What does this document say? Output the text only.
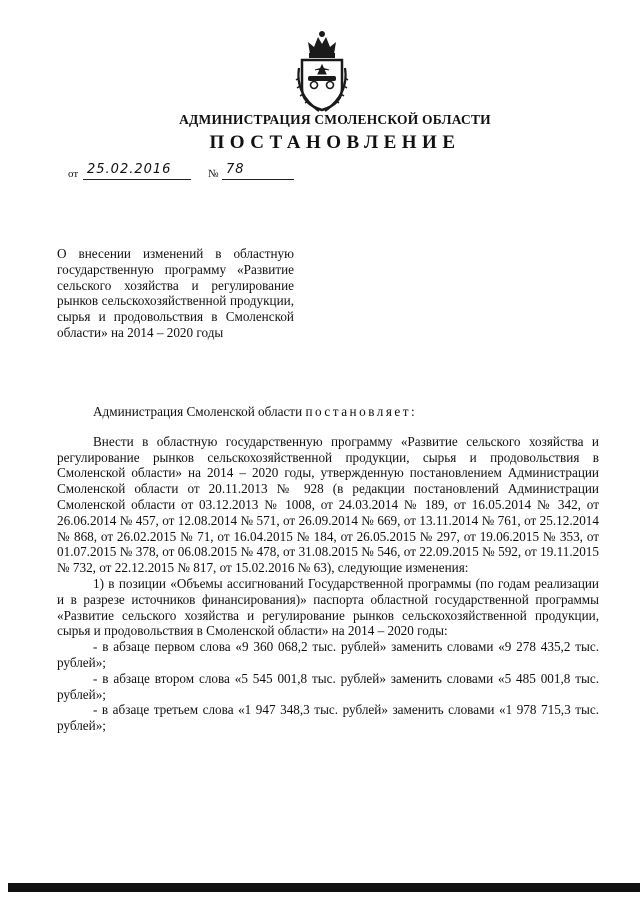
АДМИНИСТРАЦИЯ СМОЛЕНСКОЙ ОБЛАСТИ
ПОСТАНОВЛЕНИЕ
от 25.02.2016	№ 78
О внесении изменений в областную государственную программу «Развитие сельского хозяйства и регулирование рынков сельскохозяйственной продукции, сырья и продовольствия в Смоленской области» на 2014 – 2020 годы

Администрация Смоленской области постановляет:

Внести в областную государственную программу «Развитие сельского хозяйства и регулирование рынков сельскохозяйственной продукции, сырья и продовольствия в Смоленской области» на 2014 – 2020 годы, утвержденную постановлением Администрации Смоленской области от 20.11.2013 № 928 (в редакции постановлений Администрации Смоленской области от 03.12.2013 № 1008, от 24.03.2014 № 189, от 16.05.2014 № 342, от 26.06.2014 № 457, от 12.08.2014 № 571, от 26.09.2014 № 669, от 13.11.2014 № 761, от 25.12.2014 № 868, от 26.02.2015 № 71, от 16.04.2015 № 184, от 26.05.2015 № 297, от 19.06.2015 № 353, от 01.07.2015 № 378, от 06.08.2015 № 478, от 31.08.2015 № 546, от 22.09.2015 № 592, от 19.11.2015 № 732, от 22.12.2015 № 817, от 15.02.2016 № 63), следующие изменения:

1) в позиции «Объемы ассигнований Государственной программы (по годам реализации и в разрезе источников финансирования)» паспорта областной государственной программы «Развитие сельского хозяйства и регулирование рынков сельскохозяйственной продукции, сырья и продовольствия в Смоленской области» на 2014 – 2020 годы:

- в абзаце первом слова «9 360 068,2 тыс. рублей» заменить словами «9 278 435,2 тыс. рублей»;

- в абзаце втором слова «5 545 001,8 тыс. рублей» заменить словами «5 485 001,8 тыс. рублей»;

- в абзаце третьем слова «1 947 348,3 тыс. рублей» заменить словами «1 978 715,3 тыс. рублей»;
